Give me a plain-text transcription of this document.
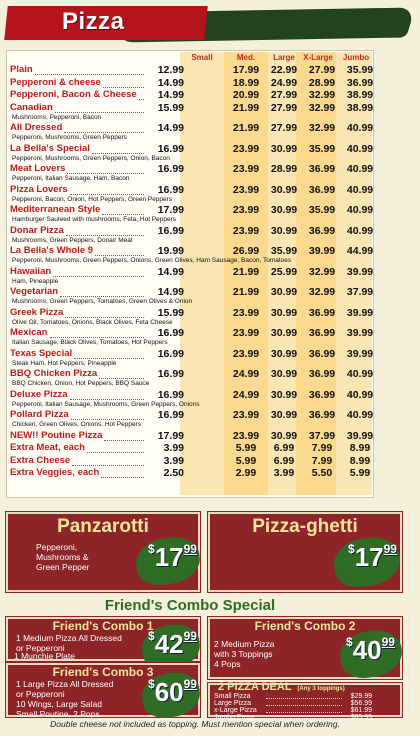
Pizza
Small	Med.	Large	X-Large	Jumbo
Plain	12.99	17.99	22.99	27.99	35.99
Pepperoni & cheese	14.99	18.99	24.99	28.99	36.99
Pepperoni, Bacon & Cheese	14.99	20.99	27.99	32.99	38.99
Canadian	15.99	21.99	27.99	32.99	38.99
Mushrooms, Pepperoni, Bacon
All Dressed	14.99	21.99	27.99	32.99	40.99
Pepperoni, Mushrooms, Green Peppers
La Bella's Special	16.99	23.99	30.99	35.99	40.99
Pepperoni, Mushrooms, Green Peppers, Onion, Bacon
Meat Lovers	16.99	23.99	28.99	36.99	40.99
Pepperoni, Italian Sausage, Ham, Bacon
Pizza Lovers	16.99	23.99	30.99	36.99	40.99
Pepperoni, Bacon, Onion, Hot Peppers, Green Peppers
Mediterranean Style	17.99	23.99	30.99	35.99	40.99
Hamburger Sauteed with mushrooms, Feta, Hot Peppers
Donar Pizza	16.99	23.99	30.99	36.99	40.99
Mushrooms, Green Peppers, Donair Meat
La Bella's Whole 9	19.99	26.99	35.99	39.99	44.99
Pepperoni, Mushrooms, Green Peppers, Onions, Green Olives, Ham Sausage, Bacon, Tomatoes
Hawaiian	14.99	21.99	25.99	32.99	39.99
Ham, Pineapple
Vegetarian	14.99	21.99	30.99	32.99	37.99
Mushrooms, Green Peppers, Tomatoes, Green Olives & Onion
Greek Pizza	15.99	23.99	30.99	36.99	39.99
Olive Oil, Tomatoes, Onions, Black Olives, Feta Cheese
Mexican	16.99	23.99	30.99	36.99	39.99
Italian Sausage, Black Olives, Tomatoes, Hot Peppers
Texas Special	16.99	23.99	30.99	36.99	39.99
Steak Ham, Hot Peppers, Pineapple
BBQ Chicken Pizza	16.99	24.99	30.99	36.99	40.99
BBQ Chicken, Onion, Hot Peppers, BBQ Sauce
Deluxe Pizza	16.99	24.99	30.99	36.99	40.99
Pepperoni, Italian Sausage, Mushrooms, Green Peppers, Onions
Pollard Pizza	16.99	23.99	30.99	36.99	40.99
Chicken, Green Olives, Onions, Hot Peppers
NEW!! Poutine Pizza	17.99	23.99	30.99	37.99	39.99
Extra Meat, each	3.99	5.99	6.99	7.99	8.99
Extra Cheese	3.99	5.99	6.99	7.99	8.99
Extra Veggies, each	2.50	2.99	3.99	5.50	5.99
Panzarotti
Pepperoni,
Mushrooms &
Green Pepper
$^{\$}17^{99}$
Pizza-ghetti
$^{\$}17^{99}$
Friend's Combo Special
Friend's Combo 1
1 Medium Pizza All Dressed
or Pepperoni
$^{\$}42^{99}$
1 Munchie Plate
Friend's Combo 2
2 Medium Pizza
with 3 Toppings
4 Pops
$^{\$}40^{99}$
Friend's Combo 3
1 Large Pizza All Dressed
or Pepperoni
10 Wings, Large Salad
Small Poutine, 2 Pops
$^{\$}60^{99}$ 2 PIZZA DEAL (Any 3 toppings)
Small Pizza	$29.99
Large Pizza	$56.99
x-Large Pizza	$61.99
Jumbo Pizza	$85.99
Double cheese not included as topping. Must mention special when ordering.
